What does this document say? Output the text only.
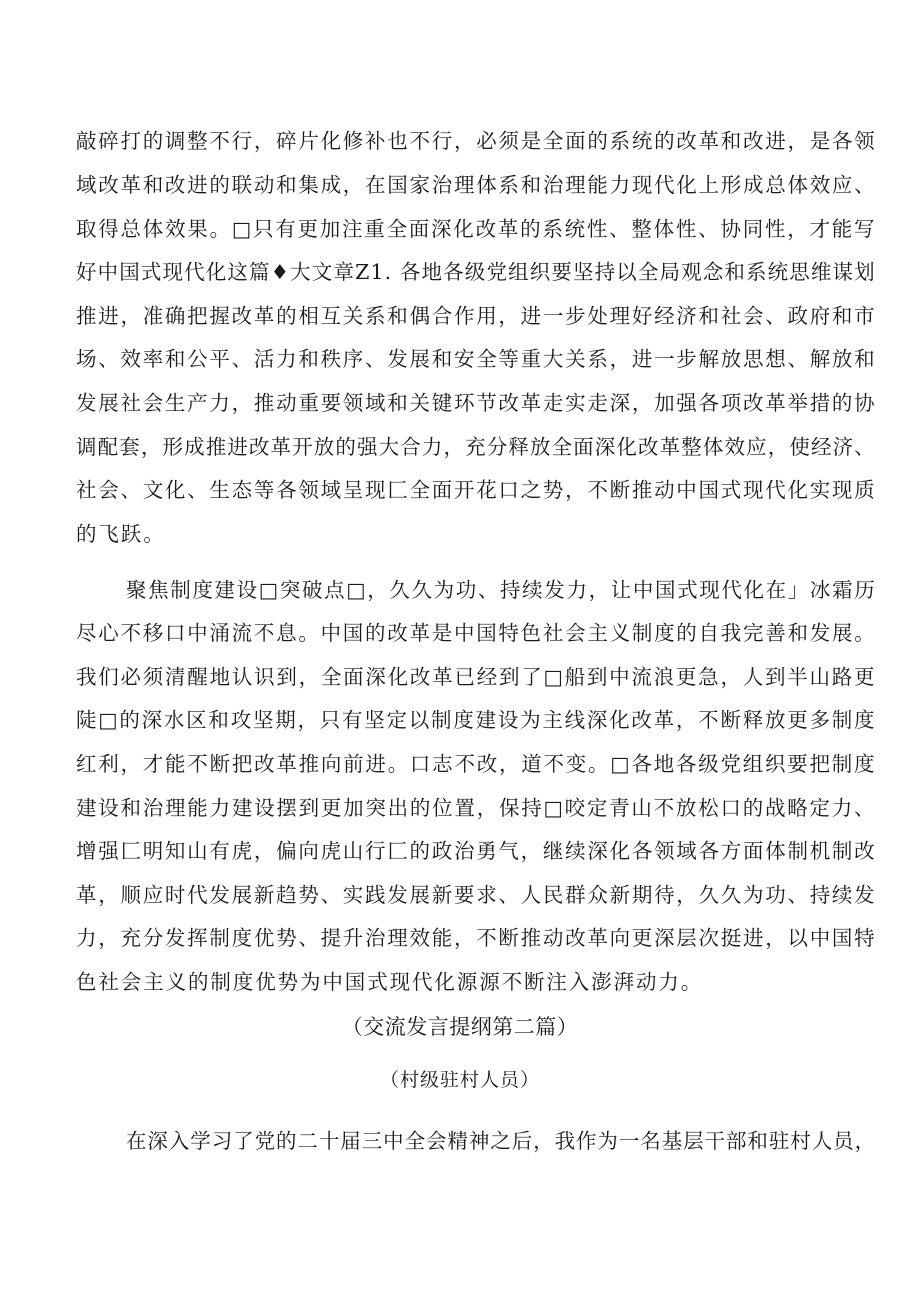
敲碎打的调整不行，碎片化修补也不行，必须是全面的系统的改革和改进，是各领
域改革和改进的联动和集成，在国家治理体系和治理能力现代化上形成总体效应、
取得总体效果。□只有更加注重全面深化改革的系统性、整体性、协同性，才能写
好中国式现代化这篇♦大文章Z1. 各地各级党组织要坚持以全局观念和系统思维谋划
推进，准确把握改革的相互关系和偶合作用，进一步处理好经济和社会、政府和市
场、效率和公平、活力和秩序、发展和安全等重大关系，进一步解放思想、解放和
发展社会生产力，推动重要领域和关键环节改革走实走深，加强各项改革举措的协
调配套，形成推进改革开放的强大合力，充分释放全面深化改革整体效应，使经济、
社会、文化、生态等各领域呈现匚全面开花口之势，不断推动中国式现代化实现质
的飞跃。
聚焦制度建设□突破点□，久久为功、持续发力，让中国式现代化在」冰霜历
尽心不移口中涌流不息。中国的改革是中国特色社会主义制度的自我完善和发展。
我们必须清醒地认识到，全面深化改革已经到了□船到中流浪更急，人到半山路更
陡□的深水区和攻坚期，只有坚定以制度建设为主线深化改革，不断释放更多制度
红利，才能不断把改革推向前进。口志不改，道不变。□各地各级党组织要把制度
建设和治理能力建设摆到更加突出的位置，保持□咬定青山不放松口的战略定力、
增强匚明知山有虎，偏向虎山行匚的政治勇气，继续深化各领域各方面体制机制改
革，顺应时代发展新趋势、实践发展新要求、人民群众新期待，久久为功、持续发
力，充分发挥制度优势、提升治理效能，不断推动改革向更深层次挺进，以中国特
色社会主义的制度优势为中国式现代化源源不断注入澎湃动力。
（交流发言提纲第二篇）
（村级驻村人员）
在深入学习了党的二十届三中全会精神之后，我作为一名基层干部和驻村人员，
